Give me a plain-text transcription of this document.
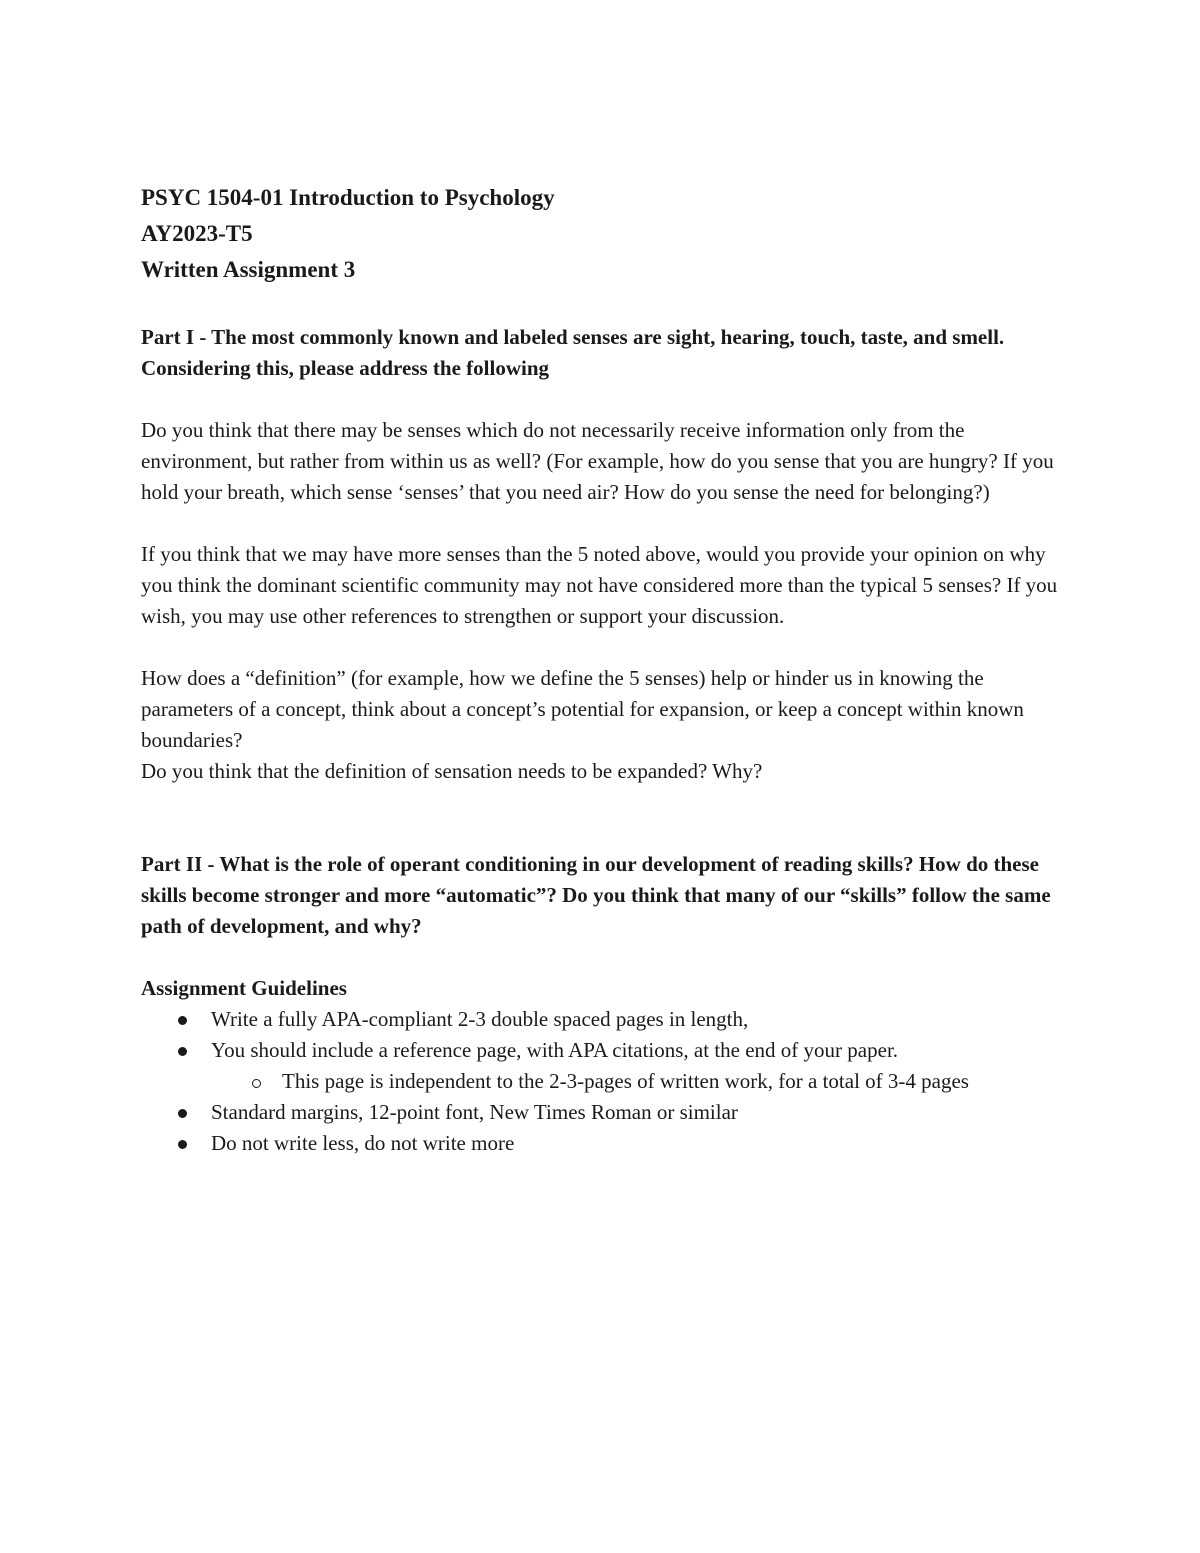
PSYC 1504-01 Introduction to Psychology

AY2023-T5

Written Assignment 3

Part I - The most commonly known and labeled senses are sight, hearing, touch, taste, and smell. Considering this, please address the following

Do you think that there may be senses which do not necessarily receive information only from the environment, but rather from within us as well? (For example, how do you sense that you are hungry? If you hold your breath, which sense ‘senses’ that you need air? How do you sense the need for belonging?)

If you think that we may have more senses than the 5 noted above, would you provide your opinion on why you think the dominant scientific community may not have considered more than the typical 5 senses? If you wish, you may use other references to strengthen or support your discussion.

How does a “definition” (for example, how we define the 5 senses) help or hinder us in knowing the parameters of a concept, think about a concept’s potential for expansion, or keep a concept within known boundaries?

Do you think that the definition of sensation needs to be expanded? Why?

Part II - What is the role of operant conditioning in our development of reading skills? How do these skills become stronger and more “automatic”? Do you think that many of our “skills” follow the same path of development, and why?

Assignment Guidelines

Write a fully APA-compliant 2-3 double spaced pages in length,
You should include a reference page, with APA citations, at the end of your paper.
This page is independent to the 2-3-pages of written work, for a total of 3-4 pages
Standard margins, 12-point font, New Times Roman or similar
Do not write less, do not write more
